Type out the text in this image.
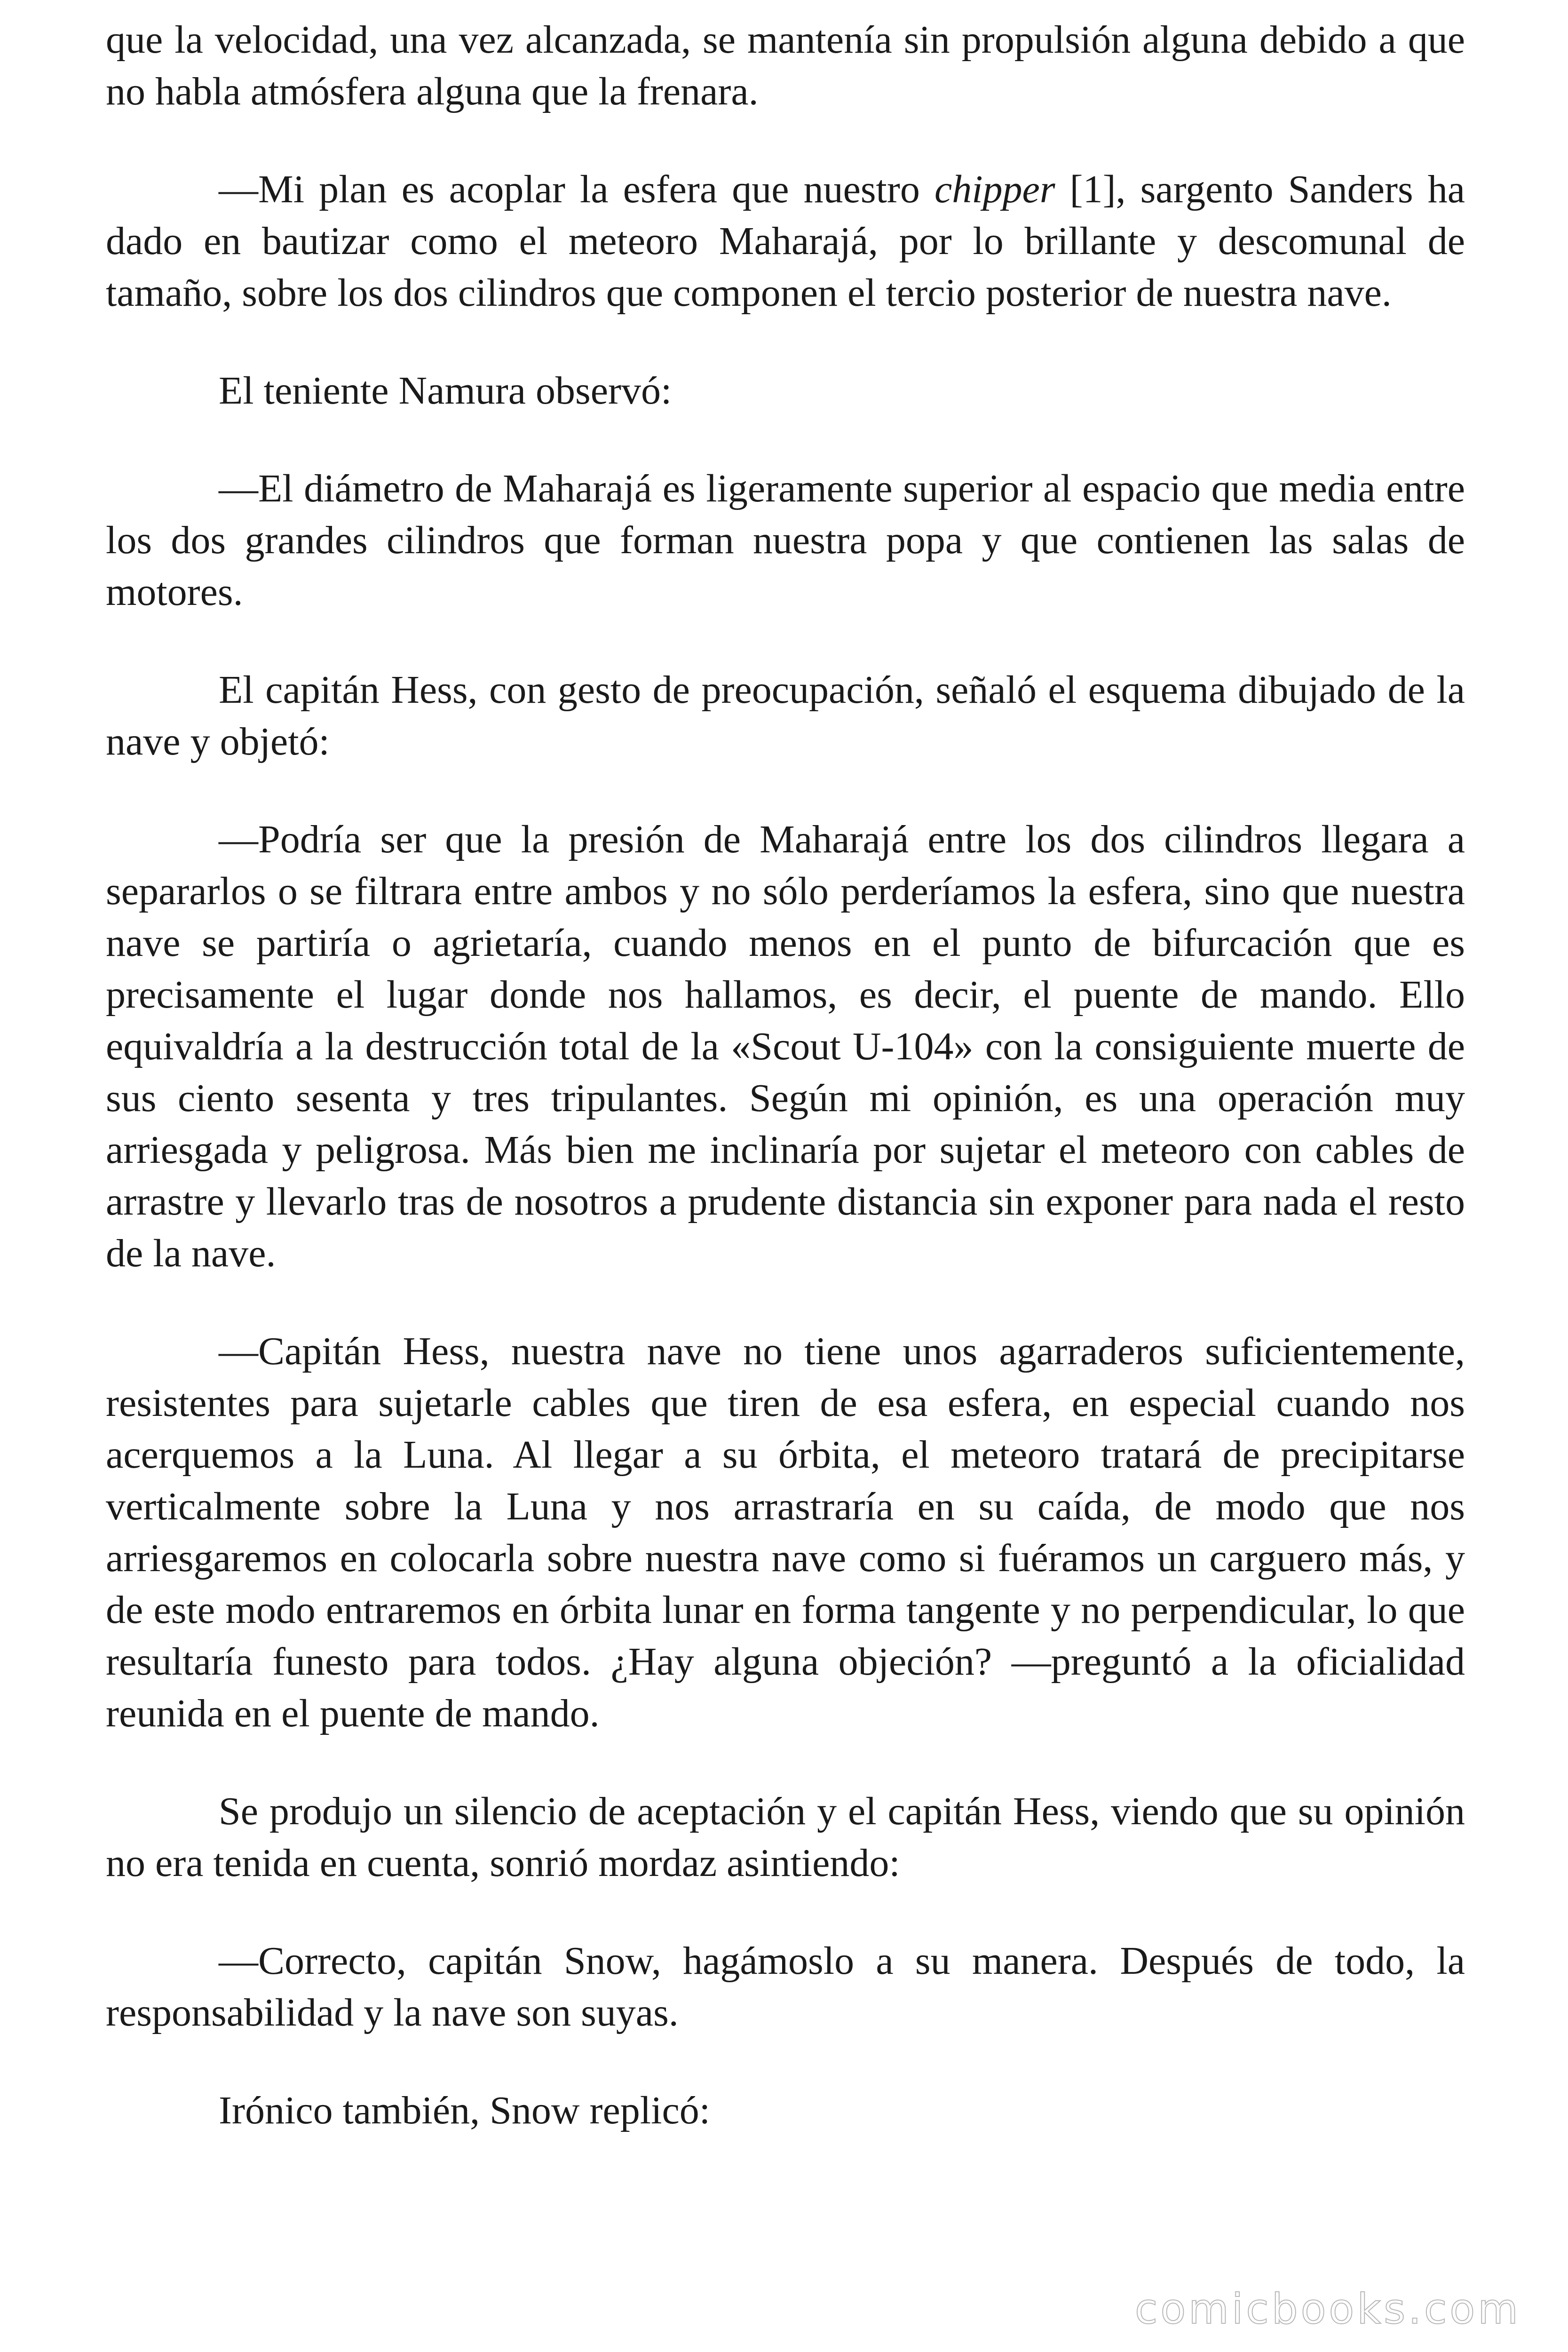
que la velocidad, una vez alcanzada, se mantenía sin propulsión alguna debido a que no habla atmósfera alguna que la frenara.

—Mi plan es acoplar la esfera que nuestro chipper [1], sargento Sanders ha dado en bautizar como el meteoro Maharajá, por lo brillante y descomunal de tamaño, sobre los dos cilindros que componen el tercio posterior de nuestra nave.

El teniente Namura observó:

—El diámetro de Maharajá es ligeramente superior al espacio que media entre los dos grandes cilindros que forman nuestra popa y que contienen las salas de motores.

El capitán Hess, con gesto de preocupación, señaló el esquema dibujado de la nave y objetó:

—Podría ser que la presión de Maharajá entre los dos cilindros llegara a separarlos o se filtrara entre ambos y no sólo perderíamos la esfera, sino que nuestra nave se partiría o agrietaría, cuando menos en el punto de bifurcación que es precisamente el lugar donde nos hallamos, es decir, el puente de mando. Ello equivaldría a la destrucción total de la «Scout U-104» con la consiguiente muerte de sus ciento sesenta y tres tripulantes. Según mi opinión, es una operación muy arriesgada y peligrosa. Más bien me inclinaría por sujetar el meteoro con cables de arrastre y llevarlo tras de nosotros a prudente distancia sin exponer para nada el resto de la nave.

—Capitán Hess, nuestra nave no tiene unos agarraderos suficientemente, resistentes para sujetarle cables que tiren de esa esfera, en especial cuando nos acerquemos a la Luna. Al llegar a su órbita, el meteoro tratará de precipitarse verticalmente sobre la Luna y nos arrastraría en su caída, de modo que nos arriesgaremos en colocarla sobre nuestra nave como si fuéramos un carguero más, y de este modo entraremos en órbita lunar en forma tangente y no perpendicular, lo que resultaría funesto para todos. ¿Hay alguna objeción? —preguntó a la oficialidad reunida en el puente de mando.

Se produjo un silencio de aceptación y el capitán Hess, viendo que su opinión no era tenida en cuenta, sonrió mordaz asintiendo:

—Correcto, capitán Snow, hagámoslo a su manera. Después de todo, la responsabilidad y la nave son suyas.

Irónico también, Snow replicó:

comicbooks.com
